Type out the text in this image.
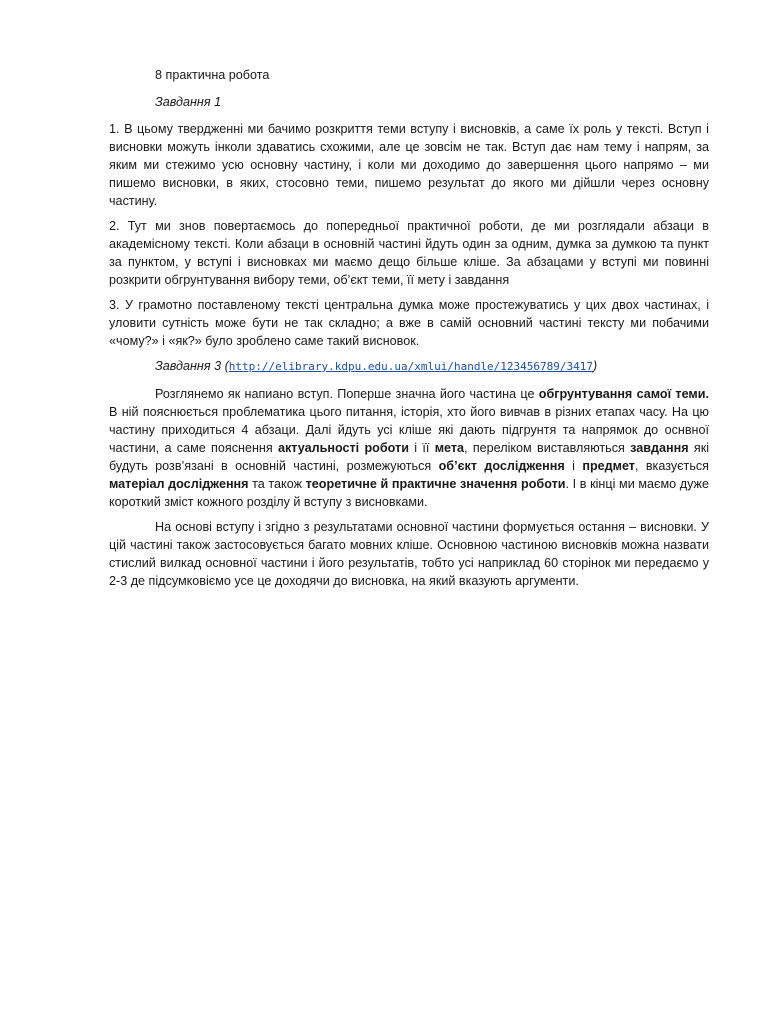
8 практична робота

Завдання 1

1. В цьому твердженні ми бачимо розкриття теми вступу і висновків, а саме їх роль у тексті. Вступ і висновки можуть інколи здаватись схожими, але це зовсім не так. Вступ дає нам тему і напрям, за яким ми стежимо усю основну частину, і коли ми доходимо до завершення цього напрямо – ми пишемо висновки, в яких, стосовно теми, пишемо результат до якого ми дійшли через основну частину.

2. Тут ми знов повертаємось до попередньої практичної роботи, де ми розглядали абзаци в академісному тексті. Коли абзаци в основній частині йдуть один за одним, думка за думкою та пункт за пунктом, у вступі і висновках ми маємо дещо більше кліше. За абзацами у вступі ми повинні розкрити обгрунтування вибору теми, об’єкт теми, її мету і завдання

3. У грамотно поставленому тексті центральна думка може простежуватись у цих двох частинах, і уловити сутність може бути не так складно; а вже в самій основний частині тексту ми побачими «чому?» і «як?» було зроблено саме такий висновок.

Завдання 3 (http://elibrary.kdpu.edu.ua/xmlui/handle/123456789/3417)

Розглянемо як напиано вступ. Поперше значна його частина це обгрунтування самої теми. В ній пояснюється проблематика цього питання, історія, хто його вивчав в різних етапах часу. На цю частину приходиться 4 абзаци. Далі йдуть усі кліше які дають підгрунтя та напрямок до оснвної частини, а саме пояснення актуальності роботи і її мета, переліком виставляються завдання які будуть розв’язані в основній частині, розмежуються об’єкт дослідження і предмет, вказується матеріал дослідження та також теоретичне й практичне значення роботи. І в кінці ми маємо дуже короткий зміст кожного розділу й вступу з висновками.

На основі вступу і згідно з результатами основної частини формується остання – висновки. У цій частині також застосовується багато мовних кліше. Основною частиною висновків можна назвати стислий вилкад основної частини і його результатів, тобто усі наприклад 60 сторінок ми передаємо у 2-3 де підсумковіємо усе це доходячи до висновка, на який вказують аргументи.
